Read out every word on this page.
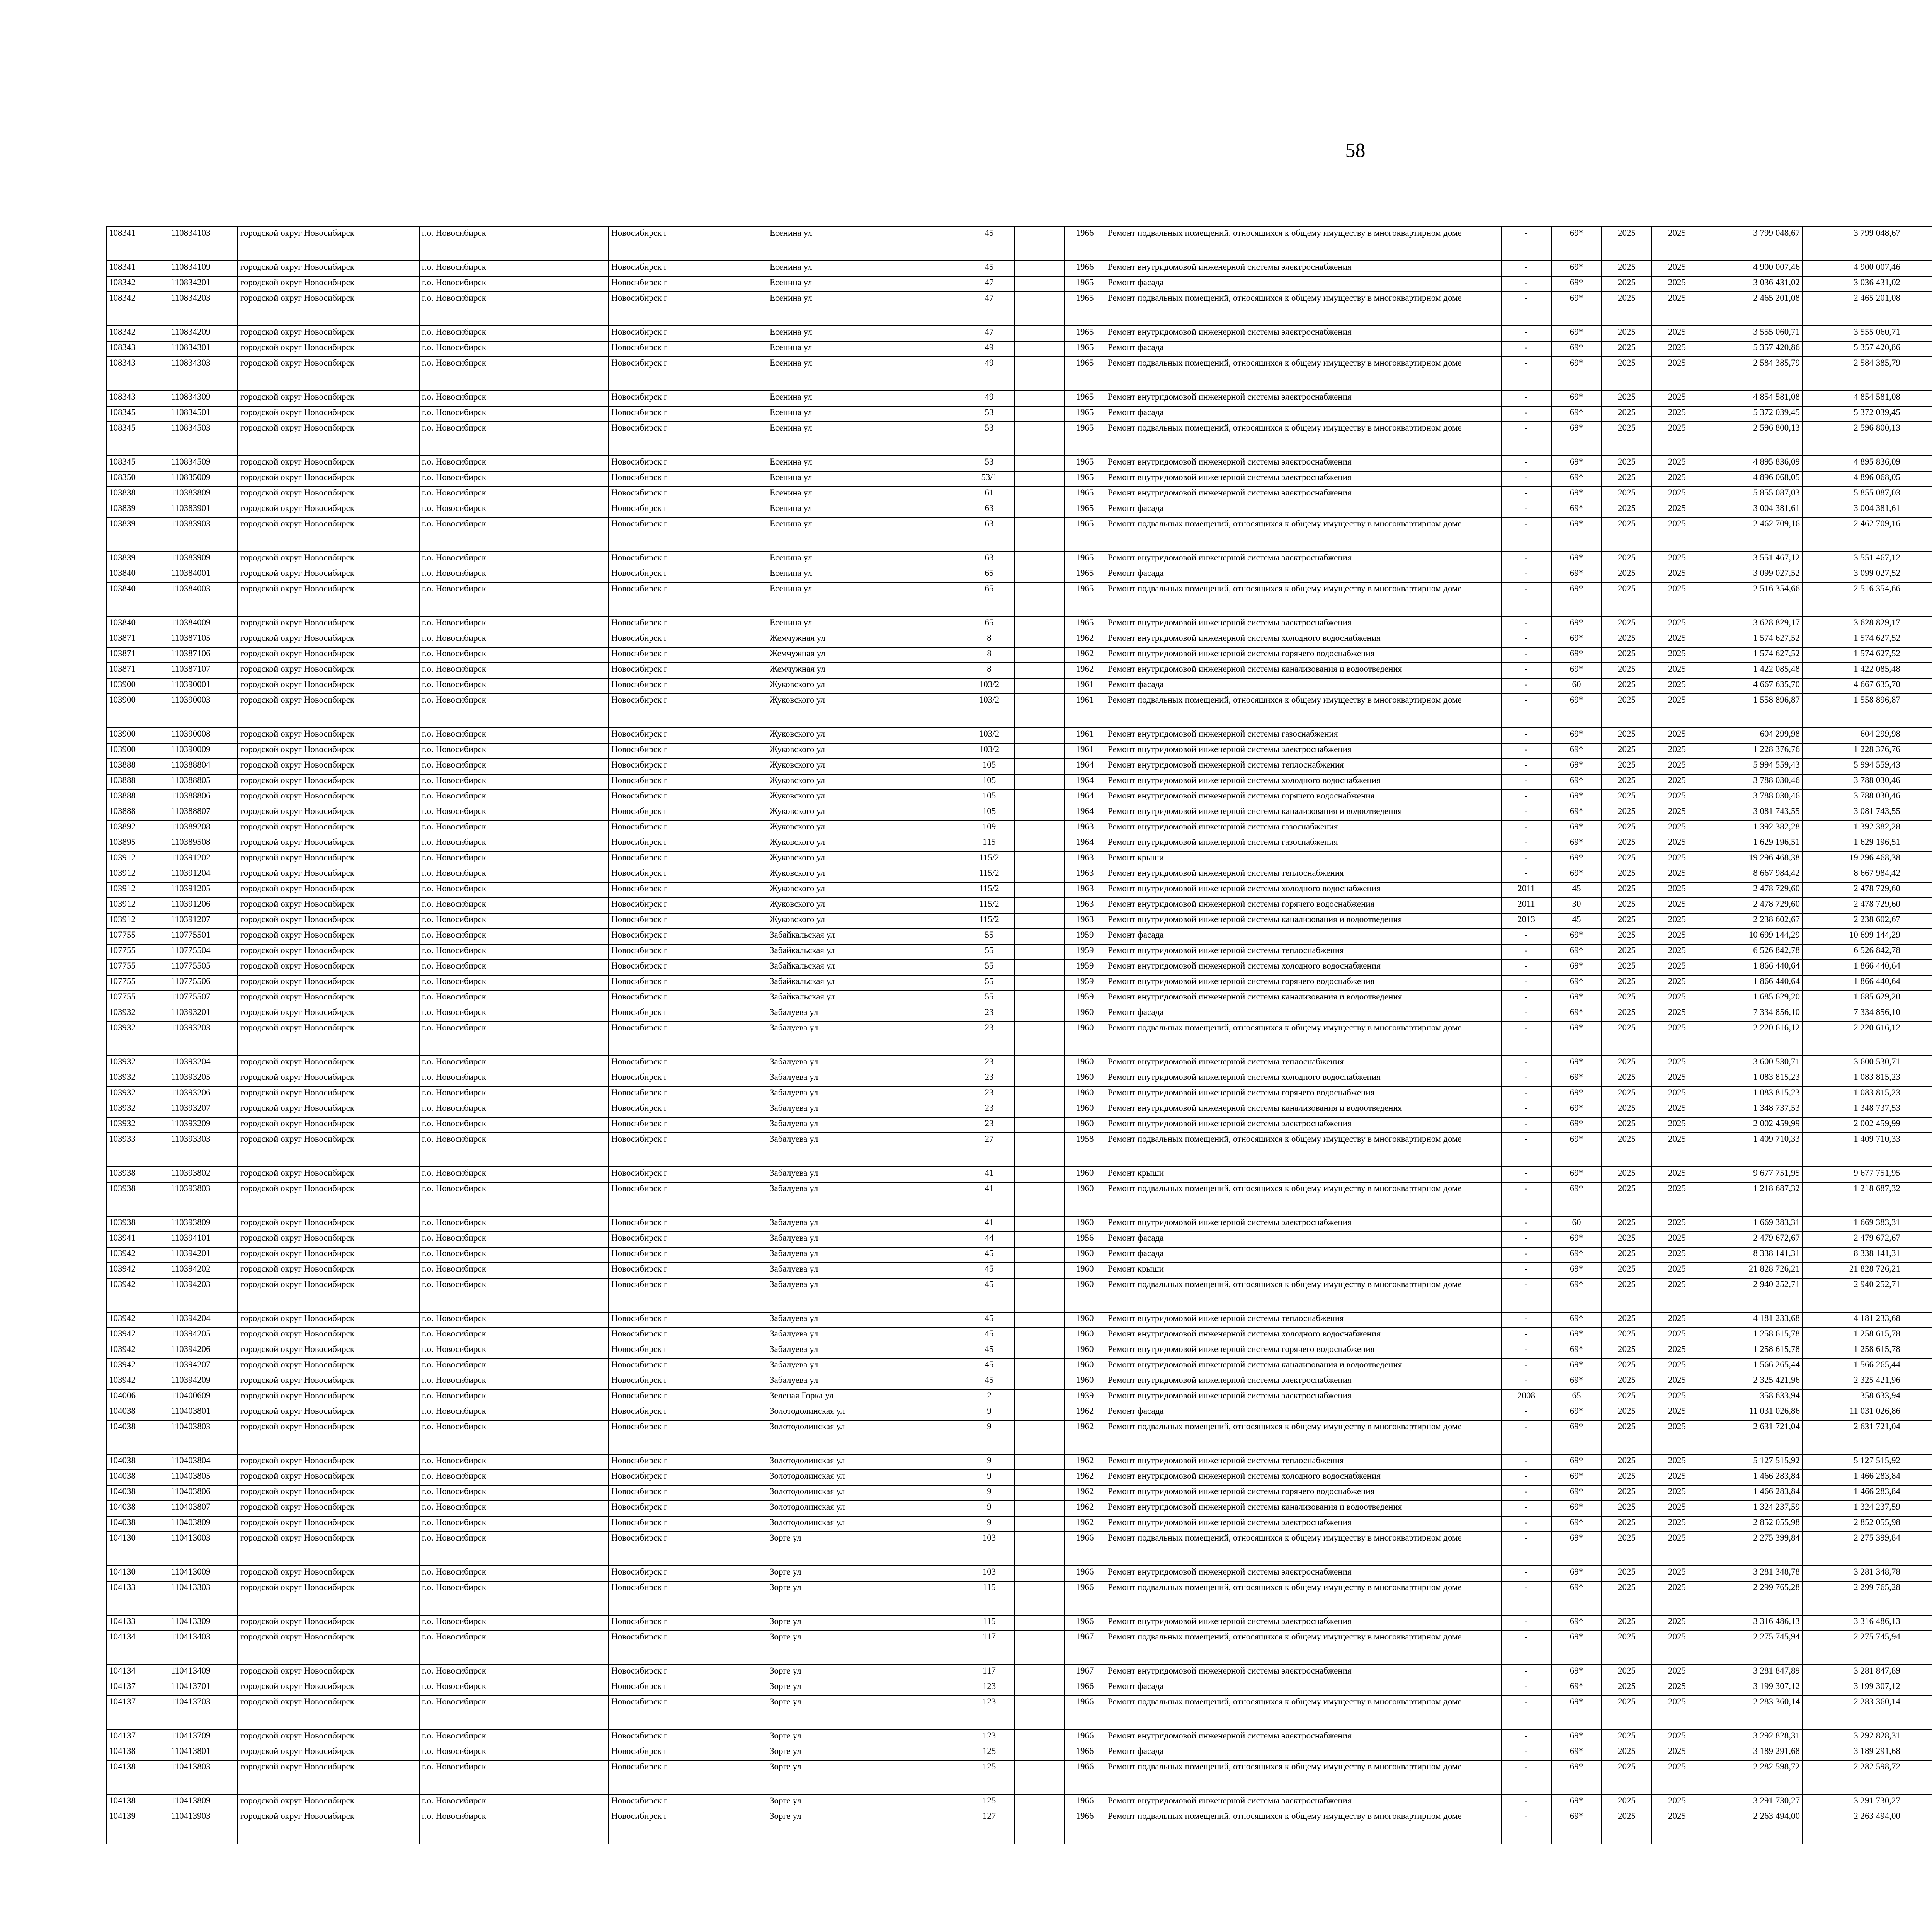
58
108341	110834103	городской округ Новосибирск	г.о. Новосибирск	Новосибирск г	Есенина ул	45		1966	Ремонт подвальных помещений, относящихся к общему имуществу в многоквартирном доме	-	69*	2025	2025	3 799 048,67	3 799 048,67							
108341	110834109	городской округ Новосибирск	г.о. Новосибирск	Новосибирск г	Есенина ул	45		1966	Ремонт внутридомовой инженерной системы электроснабжения	-	69*	2025	2025	4 900 007,46	4 900 007,46							
108342	110834201	городской округ Новосибирск	г.о. Новосибирск	Новосибирск г	Есенина ул	47		1965	Ремонт фасада	-	69*	2025	2025	3 036 431,02	3 036 431,02							
108342	110834203	городской округ Новосибирск	г.о. Новосибирск	Новосибирск г	Есенина ул	47		1965	Ремонт подвальных помещений, относящихся к общему имуществу в многоквартирном доме	-	69*	2025	2025	2 465 201,08	2 465 201,08							
108342	110834209	городской округ Новосибирск	г.о. Новосибирск	Новосибирск г	Есенина ул	47		1965	Ремонт внутридомовой инженерной системы электроснабжения	-	69*	2025	2025	3 555 060,71	3 555 060,71							
108343	110834301	городской округ Новосибирск	г.о. Новосибирск	Новосибирск г	Есенина ул	49		1965	Ремонт фасада	-	69*	2025	2025	5 357 420,86	5 357 420,86							
108343	110834303	городской округ Новосибирск	г.о. Новосибирск	Новосибирск г	Есенина ул	49		1965	Ремонт подвальных помещений, относящихся к общему имуществу в многоквартирном доме	-	69*	2025	2025	2 584 385,79	2 584 385,79							
108343	110834309	городской округ Новосибирск	г.о. Новосибирск	Новосибирск г	Есенина ул	49		1965	Ремонт внутридомовой инженерной системы электроснабжения	-	69*	2025	2025	4 854 581,08	4 854 581,08							
108345	110834501	городской округ Новосибирск	г.о. Новосибирск	Новосибирск г	Есенина ул	53		1965	Ремонт фасада	-	69*	2025	2025	5 372 039,45	5 372 039,45							
108345	110834503	городской округ Новосибирск	г.о. Новосибирск	Новосибирск г	Есенина ул	53		1965	Ремонт подвальных помещений, относящихся к общему имуществу в многоквартирном доме	-	69*	2025	2025	2 596 800,13	2 596 800,13							
108345	110834509	городской округ Новосибирск	г.о. Новосибирск	Новосибирск г	Есенина ул	53		1965	Ремонт внутридомовой инженерной системы электроснабжения	-	69*	2025	2025	4 895 836,09	4 895 836,09							
108350	110835009	городской округ Новосибирск	г.о. Новосибирск	Новосибирск г	Есенина ул	53/1		1965	Ремонт внутридомовой инженерной системы электроснабжения	-	69*	2025	2025	4 896 068,05	4 896 068,05							
103838	110383809	городской округ Новосибирск	г.о. Новосибирск	Новосибирск г	Есенина ул	61		1965	Ремонт внутридомовой инженерной системы электроснабжения	-	69*	2025	2025	5 855 087,03	5 855 087,03							
103839	110383901	городской округ Новосибирск	г.о. Новосибирск	Новосибирск г	Есенина ул	63		1965	Ремонт фасада	-	69*	2025	2025	3 004 381,61	3 004 381,61							
103839	110383903	городской округ Новосибирск	г.о. Новосибирск	Новосибирск г	Есенина ул	63		1965	Ремонт подвальных помещений, относящихся к общему имуществу в многоквартирном доме	-	69*	2025	2025	2 462 709,16	2 462 709,16							
103839	110383909	городской округ Новосибирск	г.о. Новосибирск	Новосибирск г	Есенина ул	63		1965	Ремонт внутридомовой инженерной системы электроснабжения	-	69*	2025	2025	3 551 467,12	3 551 467,12							
103840	110384001	городской округ Новосибирск	г.о. Новосибирск	Новосибирск г	Есенина ул	65		1965	Ремонт фасада	-	69*	2025	2025	3 099 027,52	3 099 027,52							
103840	110384003	городской округ Новосибирск	г.о. Новосибирск	Новосибирск г	Есенина ул	65		1965	Ремонт подвальных помещений, относящихся к общему имуществу в многоквартирном доме	-	69*	2025	2025	2 516 354,66	2 516 354,66							
103840	110384009	городской округ Новосибирск	г.о. Новосибирск	Новосибирск г	Есенина ул	65		1965	Ремонт внутридомовой инженерной системы электроснабжения	-	69*	2025	2025	3 628 829,17	3 628 829,17							
103871	110387105	городской округ Новосибирск	г.о. Новосибирск	Новосибирск г	Жемчужная ул	8		1962	Ремонт внутридомовой инженерной системы холодного водоснабжения	-	69*	2025	2025	1 574 627,52	1 574 627,52							
103871	110387106	городской округ Новосибирск	г.о. Новосибирск	Новосибирск г	Жемчужная ул	8		1962	Ремонт внутридомовой инженерной системы горячего водоснабжения	-	69*	2025	2025	1 574 627,52	1 574 627,52							
103871	110387107	городской округ Новосибирск	г.о. Новосибирск	Новосибирск г	Жемчужная ул	8		1962	Ремонт внутридомовой инженерной системы канализования и водоотведения	-	69*	2025	2025	1 422 085,48	1 422 085,48							
103900	110390001	городской округ Новосибирск	г.о. Новосибирск	Новосибирск г	Жуковского ул	103/2		1961	Ремонт фасада	-	60	2025	2025	4 667 635,70	4 667 635,70							
103900	110390003	городской округ Новосибирск	г.о. Новосибирск	Новосибирск г	Жуковского ул	103/2		1961	Ремонт подвальных помещений, относящихся к общему имуществу в многоквартирном доме	-	69*	2025	2025	1 558 896,87	1 558 896,87							
103900	110390008	городской округ Новосибирск	г.о. Новосибирск	Новосибирск г	Жуковского ул	103/2		1961	Ремонт внутридомовой инженерной системы газоснабжения	-	69*	2025	2025	604 299,98	604 299,98							
103900	110390009	городской округ Новосибирск	г.о. Новосибирск	Новосибирск г	Жуковского ул	103/2		1961	Ремонт внутридомовой инженерной системы электроснабжения	-	69*	2025	2025	1 228 376,76	1 228 376,76							
103888	110388804	городской округ Новосибирск	г.о. Новосибирск	Новосибирск г	Жуковского ул	105		1964	Ремонт внутридомовой инженерной системы теплоснабжения	-	69*	2025	2025	5 994 559,43	5 994 559,43							
103888	110388805	городской округ Новосибирск	г.о. Новосибирск	Новосибирск г	Жуковского ул	105		1964	Ремонт внутридомовой инженерной системы холодного водоснабжения	-	69*	2025	2025	3 788 030,46	3 788 030,46							
103888	110388806	городской округ Новосибирск	г.о. Новосибирск	Новосибирск г	Жуковского ул	105		1964	Ремонт внутридомовой инженерной системы горячего водоснабжения	-	69*	2025	2025	3 788 030,46	3 788 030,46							
103888	110388807	городской округ Новосибирск	г.о. Новосибирск	Новосибирск г	Жуковского ул	105		1964	Ремонт внутридомовой инженерной системы канализования и водоотведения	-	69*	2025	2025	3 081 743,55	3 081 743,55							
103892	110389208	городской округ Новосибирск	г.о. Новосибирск	Новосибирск г	Жуковского ул	109		1963	Ремонт внутридомовой инженерной системы газоснабжения	-	69*	2025	2025	1 392 382,28	1 392 382,28							
103895	110389508	городской округ Новосибирск	г.о. Новосибирск	Новосибирск г	Жуковского ул	115		1964	Ремонт внутридомовой инженерной системы газоснабжения	-	69*	2025	2025	1 629 196,51	1 629 196,51							
103912	110391202	городской округ Новосибирск	г.о. Новосибирск	Новосибирск г	Жуковского ул	115/2		1963	Ремонт крыши	-	69*	2025	2025	19 296 468,38	19 296 468,38							
103912	110391204	городской округ Новосибирск	г.о. Новосибирск	Новосибирск г	Жуковского ул	115/2		1963	Ремонт внутридомовой инженерной системы теплоснабжения	-	69*	2025	2025	8 667 984,42	8 667 984,42							
103912	110391205	городской округ Новосибирск	г.о. Новосибирск	Новосибирск г	Жуковского ул	115/2		1963	Ремонт внутридомовой инженерной системы холодного водоснабжения	2011	45	2025	2025	2 478 729,60	2 478 729,60							
103912	110391206	городской округ Новосибирск	г.о. Новосибирск	Новосибирск г	Жуковского ул	115/2		1963	Ремонт внутридомовой инженерной системы горячего водоснабжения	2011	30	2025	2025	2 478 729,60	2 478 729,60							
103912	110391207	городской округ Новосибирск	г.о. Новосибирск	Новосибирск г	Жуковского ул	115/2		1963	Ремонт внутридомовой инженерной системы канализования и водоотведения	2013	45	2025	2025	2 238 602,67	2 238 602,67							
107755	110775501	городской округ Новосибирск	г.о. Новосибирск	Новосибирск г	Забайкальская ул	55		1959	Ремонт фасада	-	69*	2025	2025	10 699 144,29	10 699 144,29							
107755	110775504	городской округ Новосибирск	г.о. Новосибирск	Новосибирск г	Забайкальская ул	55		1959	Ремонт внутридомовой инженерной системы теплоснабжения	-	69*	2025	2025	6 526 842,78	6 526 842,78							
107755	110775505	городской округ Новосибирск	г.о. Новосибирск	Новосибирск г	Забайкальская ул	55		1959	Ремонт внутридомовой инженерной системы холодного водоснабжения	-	69*	2025	2025	1 866 440,64	1 866 440,64							
107755	110775506	городской округ Новосибирск	г.о. Новосибирск	Новосибирск г	Забайкальская ул	55		1959	Ремонт внутридомовой инженерной системы горячего водоснабжения	-	69*	2025	2025	1 866 440,64	1 866 440,64							
107755	110775507	городской округ Новосибирск	г.о. Новосибирск	Новосибирск г	Забайкальская ул	55		1959	Ремонт внутридомовой инженерной системы канализования и водоотведения	-	69*	2025	2025	1 685 629,20	1 685 629,20							
103932	110393201	городской округ Новосибирск	г.о. Новосибирск	Новосибирск г	Забалуева ул	23		1960	Ремонт фасада	-	69*	2025	2025	7 334 856,10	7 334 856,10							
103932	110393203	городской округ Новосибирск	г.о. Новосибирск	Новосибирск г	Забалуева ул	23		1960	Ремонт подвальных помещений, относящихся к общему имуществу в многоквартирном доме	-	69*	2025	2025	2 220 616,12	2 220 616,12							
103932	110393204	городской округ Новосибирск	г.о. Новосибирск	Новосибирск г	Забалуева ул	23		1960	Ремонт внутридомовой инженерной системы теплоснабжения	-	69*	2025	2025	3 600 530,71	3 600 530,71							
103932	110393205	городской округ Новосибирск	г.о. Новосибирск	Новосибирск г	Забалуева ул	23		1960	Ремонт внутридомовой инженерной системы холодного водоснабжения	-	69*	2025	2025	1 083 815,23	1 083 815,23							
103932	110393206	городской округ Новосибирск	г.о. Новосибирск	Новосибирск г	Забалуева ул	23		1960	Ремонт внутридомовой инженерной системы горячего водоснабжения	-	69*	2025	2025	1 083 815,23	1 083 815,23							
103932	110393207	городской округ Новосибирск	г.о. Новосибирск	Новосибирск г	Забалуева ул	23		1960	Ремонт внутридомовой инженерной системы канализования и водоотведения	-	69*	2025	2025	1 348 737,53	1 348 737,53							
103932	110393209	городской округ Новосибирск	г.о. Новосибирск	Новосибирск г	Забалуева ул	23		1960	Ремонт внутридомовой инженерной системы электроснабжения	-	69*	2025	2025	2 002 459,99	2 002 459,99							
103933	110393303	городской округ Новосибирск	г.о. Новосибирск	Новосибирск г	Забалуева ул	27		1958	Ремонт подвальных помещений, относящихся к общему имуществу в многоквартирном доме	-	69*	2025	2025	1 409 710,33	1 409 710,33							
103938	110393802	городской округ Новосибирск	г.о. Новосибирск	Новосибирск г	Забалуева ул	41		1960	Ремонт крыши	-	69*	2025	2025	9 677 751,95	9 677 751,95							
103938	110393803	городской округ Новосибирск	г.о. Новосибирск	Новосибирск г	Забалуева ул	41		1960	Ремонт подвальных помещений, относящихся к общему имуществу в многоквартирном доме	-	69*	2025	2025	1 218 687,32	1 218 687,32							
103938	110393809	городской округ Новосибирск	г.о. Новосибирск	Новосибирск г	Забалуева ул	41		1960	Ремонт внутридомовой инженерной системы электроснабжения	-	60	2025	2025	1 669 383,31	1 669 383,31							
103941	110394101	городской округ Новосибирск	г.о. Новосибирск	Новосибирск г	Забалуева ул	44		1956	Ремонт фасада	-	69*	2025	2025	2 479 672,67	2 479 672,67							
103942	110394201	городской округ Новосибирск	г.о. Новосибирск	Новосибирск г	Забалуева ул	45		1960	Ремонт фасада	-	69*	2025	2025	8 338 141,31	8 338 141,31							
103942	110394202	городской округ Новосибирск	г.о. Новосибирск	Новосибирск г	Забалуева ул	45		1960	Ремонт крыши	-	69*	2025	2025	21 828 726,21	21 828 726,21							
103942	110394203	городской округ Новосибирск	г.о. Новосибирск	Новосибирск г	Забалуева ул	45		1960	Ремонт подвальных помещений, относящихся к общему имуществу в многоквартирном доме	-	69*	2025	2025	2 940 252,71	2 940 252,71							
103942	110394204	городской округ Новосибирск	г.о. Новосибирск	Новосибирск г	Забалуева ул	45		1960	Ремонт внутридомовой инженерной системы теплоснабжения	-	69*	2025	2025	4 181 233,68	4 181 233,68							
103942	110394205	городской округ Новосибирск	г.о. Новосибирск	Новосибирск г	Забалуева ул	45		1960	Ремонт внутридомовой инженерной системы холодного водоснабжения	-	69*	2025	2025	1 258 615,78	1 258 615,78							
103942	110394206	городской округ Новосибирск	г.о. Новосибирск	Новосибирск г	Забалуева ул	45		1960	Ремонт внутридомовой инженерной системы горячего водоснабжения	-	69*	2025	2025	1 258 615,78	1 258 615,78							
103942	110394207	городской округ Новосибирск	г.о. Новосибирск	Новосибирск г	Забалуева ул	45		1960	Ремонт внутридомовой инженерной системы канализования и водоотведения	-	69*	2025	2025	1 566 265,44	1 566 265,44							
103942	110394209	городской округ Новосибирск	г.о. Новосибирск	Новосибирск г	Забалуева ул	45		1960	Ремонт внутридомовой инженерной системы электроснабжения	-	69*	2025	2025	2 325 421,96	2 325 421,96							
104006	110400609	городской округ Новосибирск	г.о. Новосибирск	Новосибирск г	Зеленая Горка ул	2		1939	Ремонт внутридомовой инженерной системы электроснабжения	2008	65	2025	2025	358 633,94	358 633,94							
104038	110403801	городской округ Новосибирск	г.о. Новосибирск	Новосибирск г	Золотодолинская ул	9		1962	Ремонт фасада	-	69*	2025	2025	11 031 026,86	11 031 026,86							
104038	110403803	городской округ Новосибирск	г.о. Новосибирск	Новосибирск г	Золотодолинская ул	9		1962	Ремонт подвальных помещений, относящихся к общему имуществу в многоквартирном доме	-	69*	2025	2025	2 631 721,04	2 631 721,04							
104038	110403804	городской округ Новосибирск	г.о. Новосибирск	Новосибирск г	Золотодолинская ул	9		1962	Ремонт внутридомовой инженерной системы теплоснабжения	-	69*	2025	2025	5 127 515,92	5 127 515,92							
104038	110403805	городской округ Новосибирск	г.о. Новосибирск	Новосибирск г	Золотодолинская ул	9		1962	Ремонт внутридомовой инженерной системы холодного водоснабжения	-	69*	2025	2025	1 466 283,84	1 466 283,84							
104038	110403806	городской округ Новосибирск	г.о. Новосибирск	Новосибирск г	Золотодолинская ул	9		1962	Ремонт внутридомовой инженерной системы горячего водоснабжения	-	69*	2025	2025	1 466 283,84	1 466 283,84							
104038	110403807	городской округ Новосибирск	г.о. Новосибирск	Новосибирск г	Золотодолинская ул	9		1962	Ремонт внутридомовой инженерной системы канализования и водоотведения	-	69*	2025	2025	1 324 237,59	1 324 237,59							
104038	110403809	городской округ Новосибирск	г.о. Новосибирск	Новосибирск г	Золотодолинская ул	9		1962	Ремонт внутридомовой инженерной системы электроснабжения	-	69*	2025	2025	2 852 055,98	2 852 055,98							
104130	110413003	городской округ Новосибирск	г.о. Новосибирск	Новосибирск г	Зорге ул	103		1966	Ремонт подвальных помещений, относящихся к общему имуществу в многоквартирном доме	-	69*	2025	2025	2 275 399,84	2 275 399,84							
104130	110413009	городской округ Новосибирск	г.о. Новосибирск	Новосибирск г	Зорге ул	103		1966	Ремонт внутридомовой инженерной системы электроснабжения	-	69*	2025	2025	3 281 348,78	3 281 348,78							
104133	110413303	городской округ Новосибирск	г.о. Новосибирск	Новосибирск г	Зорге ул	115		1966	Ремонт подвальных помещений, относящихся к общему имуществу в многоквартирном доме	-	69*	2025	2025	2 299 765,28	2 299 765,28							
104133	110413309	городской округ Новосибирск	г.о. Новосибирск	Новосибирск г	Зорге ул	115		1966	Ремонт внутридомовой инженерной системы электроснабжения	-	69*	2025	2025	3 316 486,13	3 316 486,13							
104134	110413403	городской округ Новосибирск	г.о. Новосибирск	Новосибирск г	Зорге ул	117		1967	Ремонт подвальных помещений, относящихся к общему имуществу в многоквартирном доме	-	69*	2025	2025	2 275 745,94	2 275 745,94							
104134	110413409	городской округ Новосибирск	г.о. Новосибирск	Новосибирск г	Зорге ул	117		1967	Ремонт внутридомовой инженерной системы электроснабжения	-	69*	2025	2025	3 281 847,89	3 281 847,89							
104137	110413701	городской округ Новосибирск	г.о. Новосибирск	Новосибирск г	Зорге ул	123		1966	Ремонт фасада	-	69*	2025	2025	3 199 307,12	3 199 307,12							
104137	110413703	городской округ Новосибирск	г.о. Новосибирск	Новосибирск г	Зорге ул	123		1966	Ремонт подвальных помещений, относящихся к общему имуществу в многоквартирном доме	-	69*	2025	2025	2 283 360,14	2 283 360,14							
104137	110413709	городской округ Новосибирск	г.о. Новосибирск	Новосибирск г	Зорге ул	123		1966	Ремонт внутридомовой инженерной системы электроснабжения	-	69*	2025	2025	3 292 828,31	3 292 828,31							
104138	110413801	городской округ Новосибирск	г.о. Новосибирск	Новосибирск г	Зорге ул	125		1966	Ремонт фасада	-	69*	2025	2025	3 189 291,68	3 189 291,68							
104138	110413803	городской округ Новосибирск	г.о. Новосибирск	Новосибирск г	Зорге ул	125		1966	Ремонт подвальных помещений, относящихся к общему имуществу в многоквартирном доме	-	69*	2025	2025	2 282 598,72	2 282 598,72							
104138	110413809	городской округ Новосибирск	г.о. Новосибирск	Новосибирск г	Зорге ул	125		1966	Ремонт внутридомовой инженерной системы электроснабжения	-	69*	2025	2025	3 291 730,27	3 291 730,27							
104139	110413903	городской округ Новосибирск	г.о. Новосибирск	Новосибирск г	Зорге ул	127		1966	Ремонт подвальных помещений, относящихся к общему имуществу в многоквартирном доме	-	69*	2025	2025	2 263 494,00	2 263 494,00							
